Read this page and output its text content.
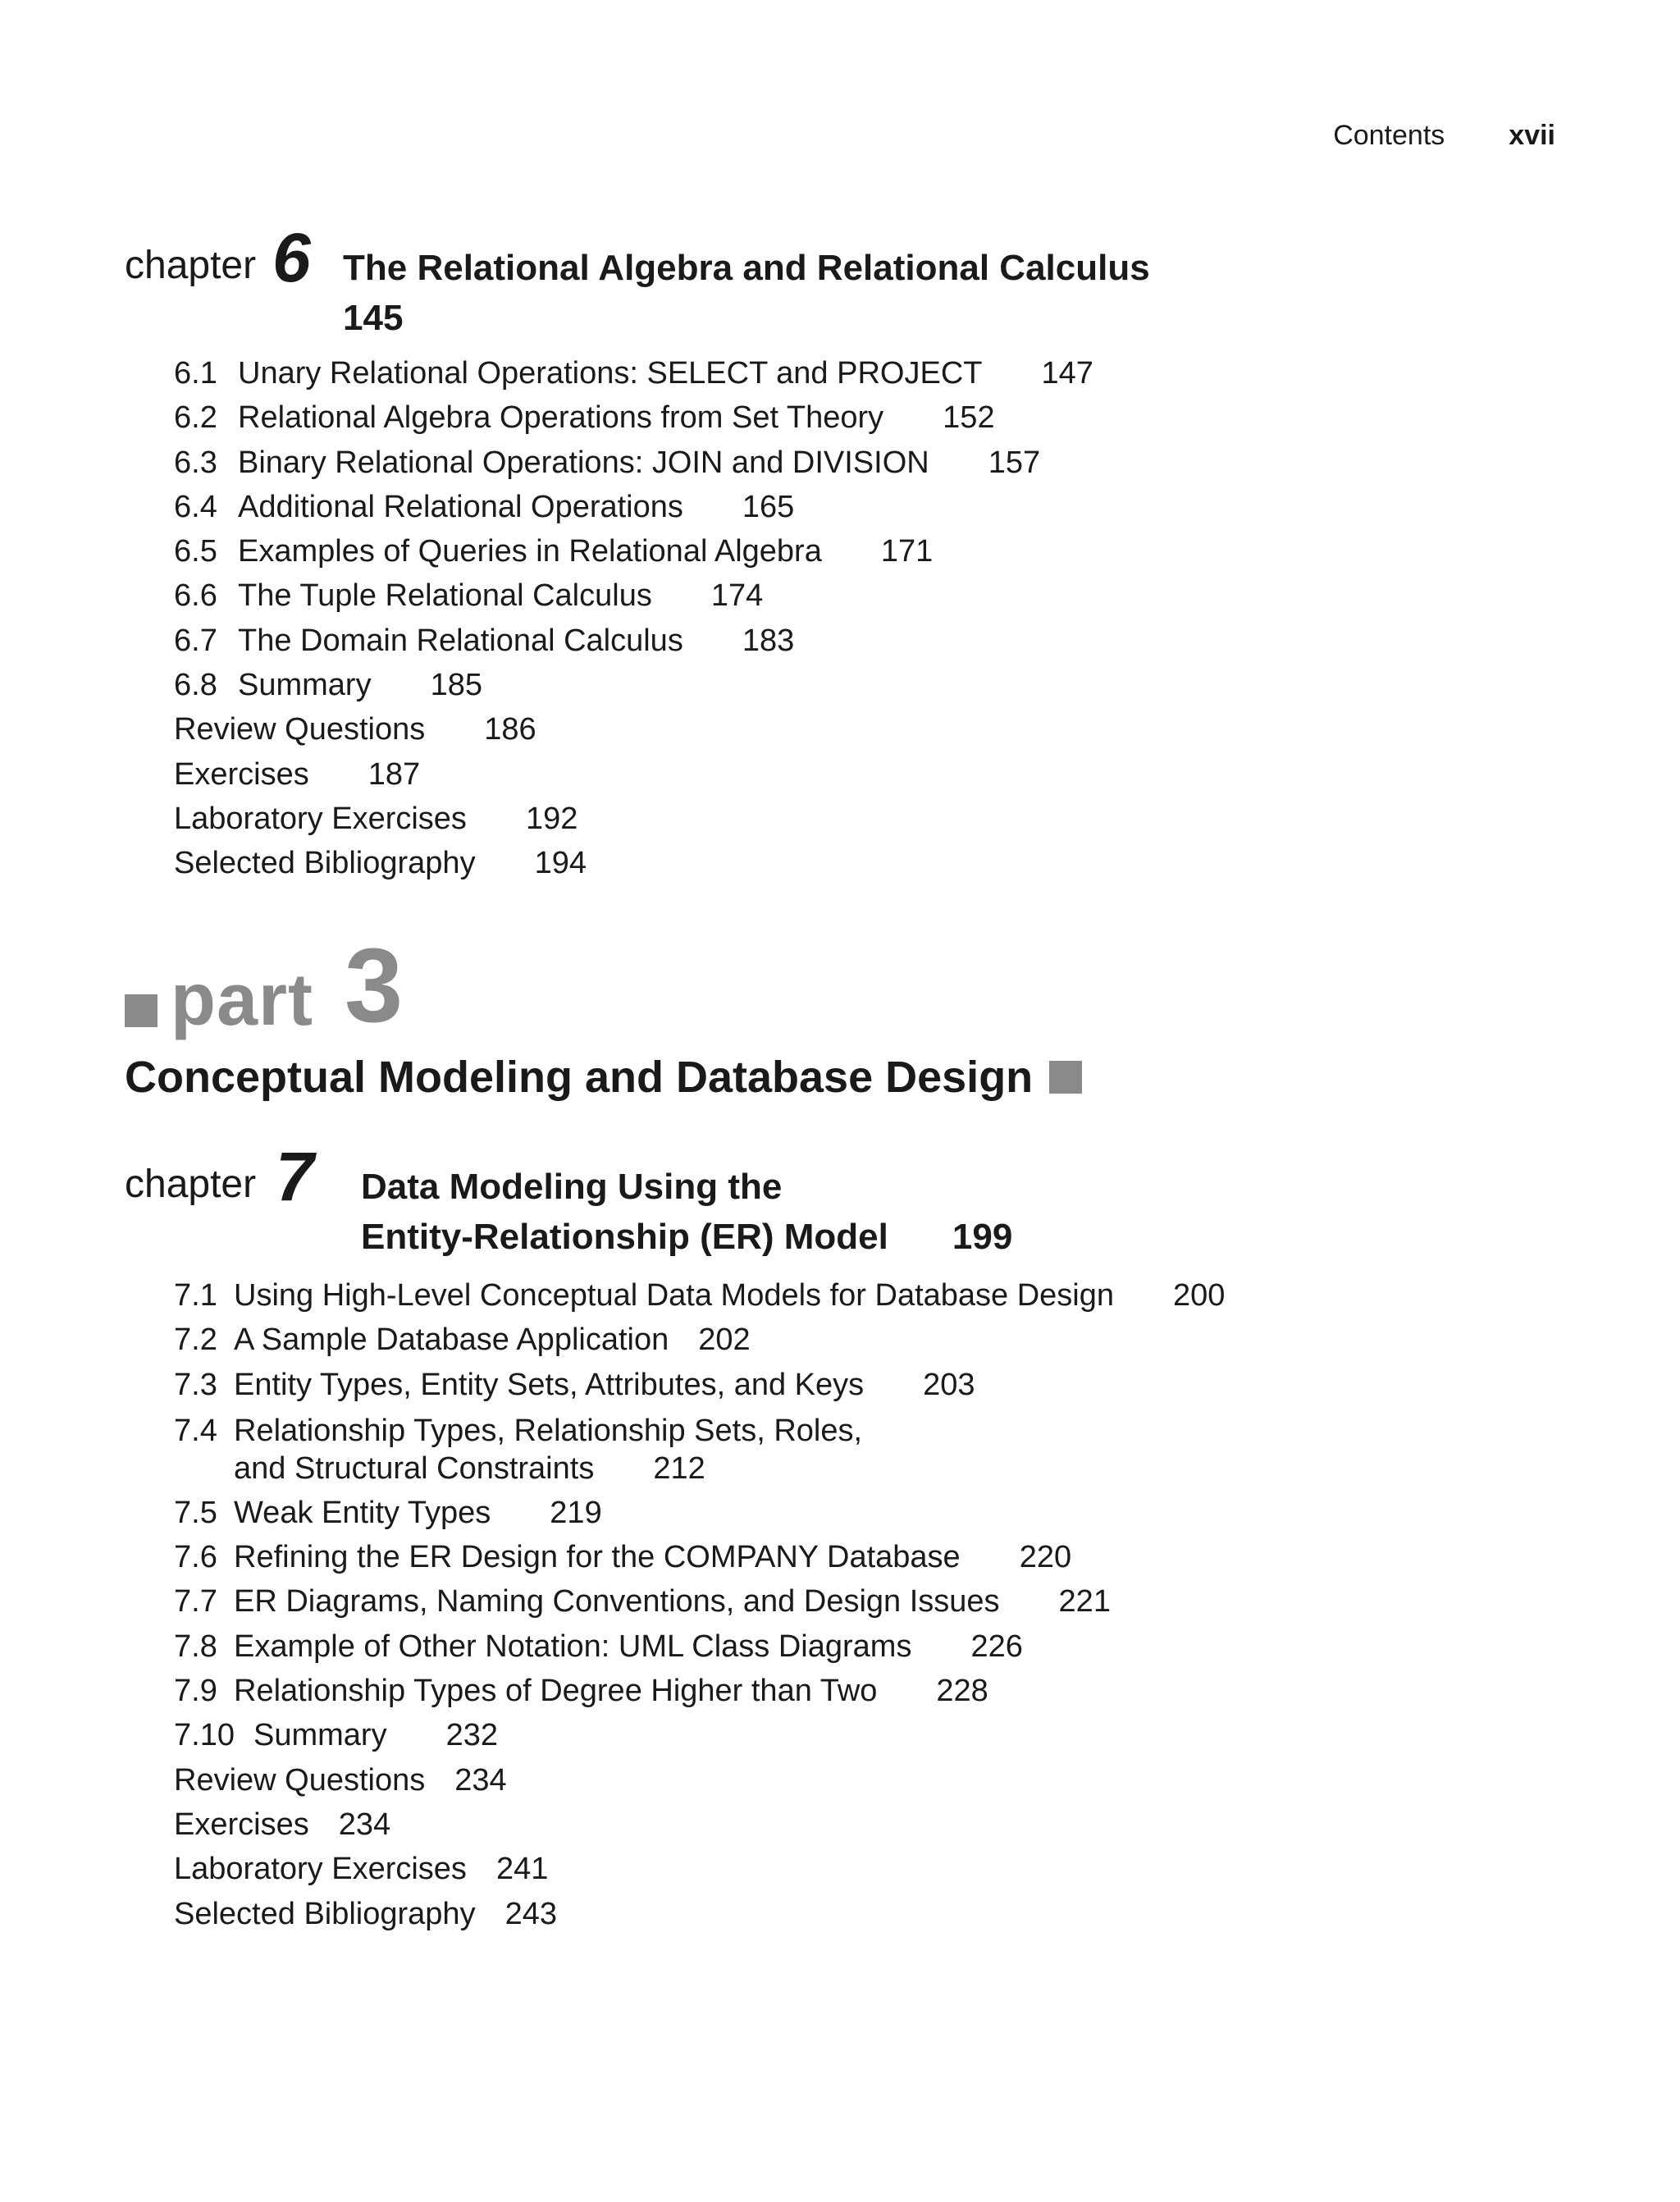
Contents xvii
chapter 6 The Relational Algebra and Relational Calculus
145
6.1 Unary Relational Operations: SELECT and PROJECT 147
6.2 Relational Algebra Operations from Set Theory 152
6.3 Binary Relational Operations: JOIN and DIVISION 157
6.4 Additional Relational Operations 165
6.5 Examples of Queries in Relational Algebra 171
6.6 The Tuple Relational Calculus 174
6.7 The Domain Relational Calculus 183
6.8 Summary 185
Review Questions 186
Exercises 187
Laboratory Exercises 192
Selected Bibliography 194
part 3
Conceptual Modeling and Database Design
chapter 7 Data Modeling Using the
Entity-Relationship (ER) Model 199
7.1 Using High-Level Conceptual Data Models for Database Design 200
7.2 A Sample Database Application 202
7.3 Entity Types, Entity Sets, Attributes, and Keys 203
7.4 Relationship Types, Relationship Sets, Roles,
and Structural Constraints 212
7.5 Weak Entity Types 219
7.6 Refining the ER Design for the COMPANY Database 220
7.7 ER Diagrams, Naming Conventions, and Design Issues 221
7.8 Example of Other Notation: UML Class Diagrams 226
7.9 Relationship Types of Degree Higher than Two 228
7.10 Summary 232
Review Questions 234
Exercises 234
Laboratory Exercises 241
Selected Bibliography 243
